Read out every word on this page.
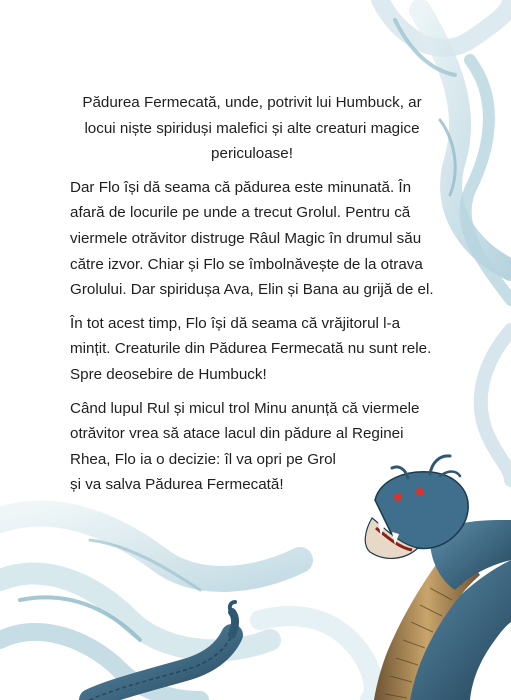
Pădurea Fermecată, unde, potrivit lui Humbuck, ar
locui niște spiriduși malefici și alte creaturi magice
periculoase!

Dar Flo își dă seama că pădurea este minunată. În
afară de locurile pe unde a trecut Grolul. Pentru că
viermele otrăvitor distruge Râul Magic în drumul său
către izvor. Chiar și Flo se îmbolnăvește de la otrava
Grolului. Dar spiridușa Ava, Elin și Bana au grijă de el.

În tot acest timp, Flo își dă seama că vrăjitorul l-a
mințit. Creaturile din Pădurea Fermecată nu sunt rele.
Spre deosebire de Humbuck!

Când lupul Rul și micul trol Minu anunță că viermele
otrăvitor vrea să atace lacul din pădure al Reginei
Rhea, Flo ia o decizie: îl va opri pe Grol
și va salva Pădurea Fermecată!
